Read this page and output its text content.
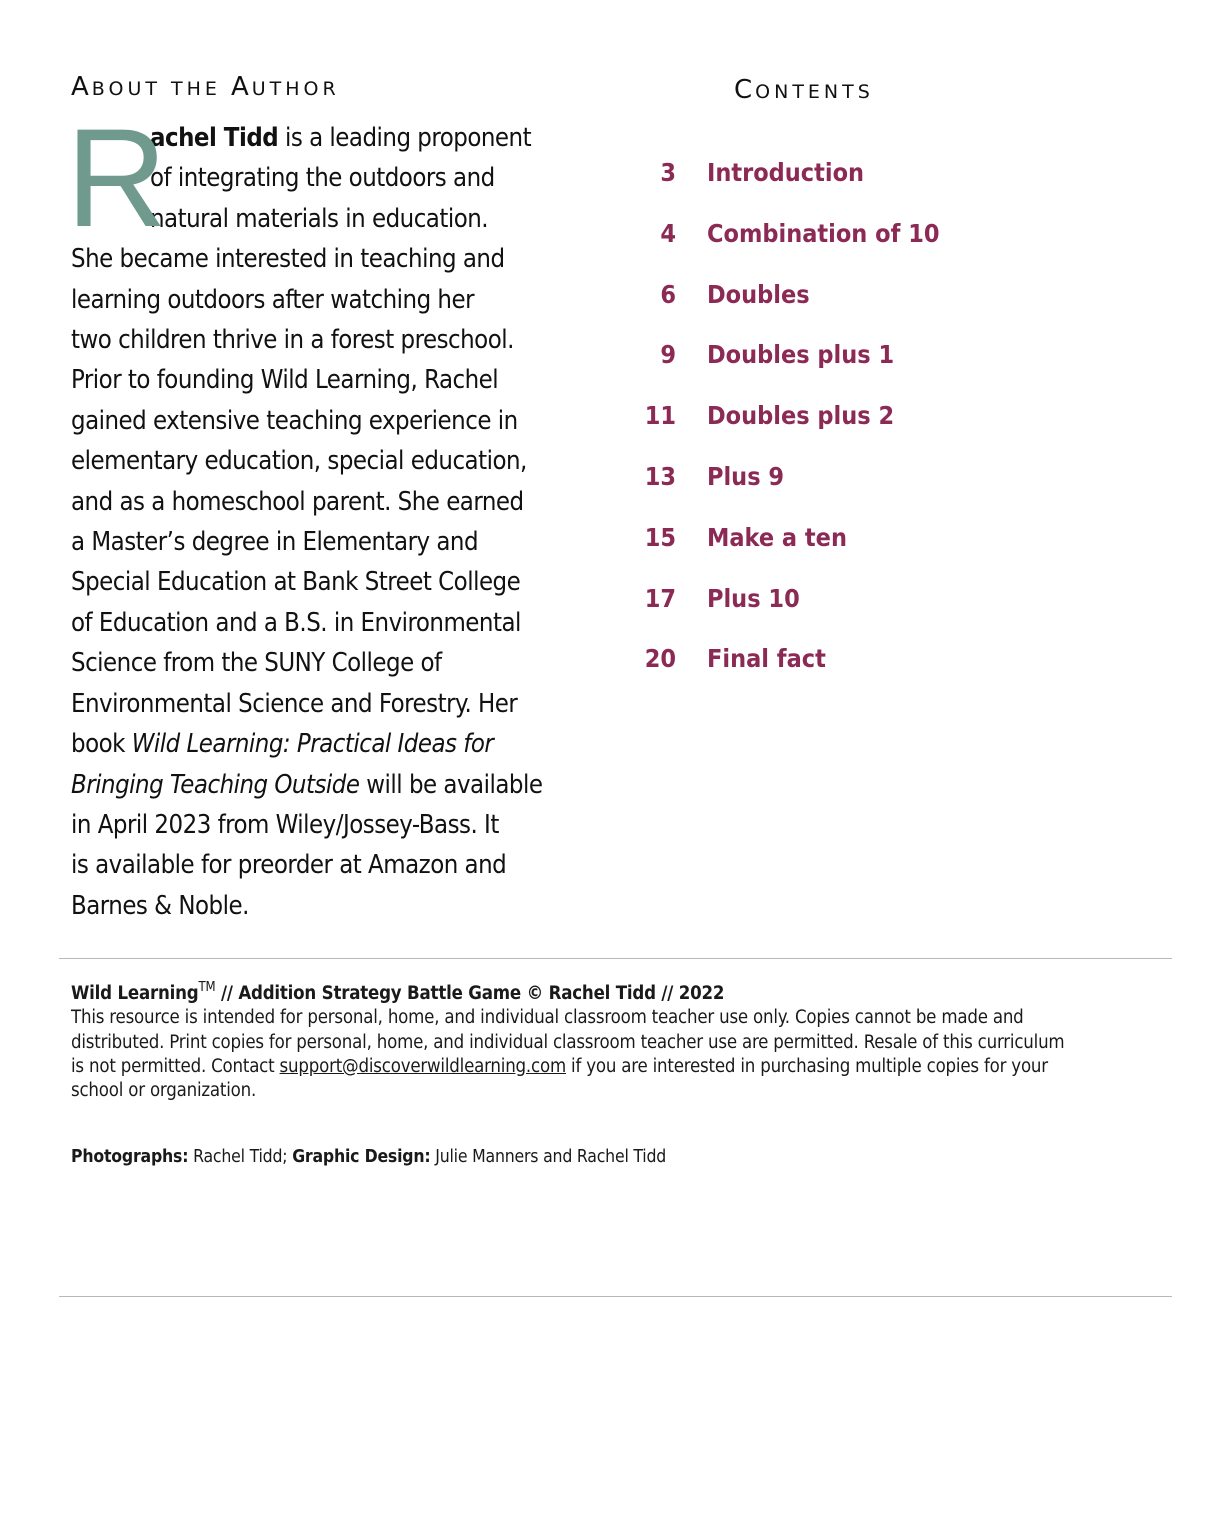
ABOUT THE AUTHOR
R
achel Tidd is a leading proponent
of integrating the outdoors and
natural materials in education.
She became interested in teaching and
learning outdoors after watching her
two children thrive in a forest preschool.
Prior to founding Wild Learning, Rachel
gained extensive teaching experience in
elementary education, special education,
and as a homeschool parent. She earned
a Master’s degree in Elementary and
Special Education at Bank Street College
of Education and a B.S. in Environmental
Science from the SUNY College of
Environmental Science and Forestry. Her
book Wild Learning: Practical Ideas for
Bringing Teaching Outside will be available
in April 2023 from Wiley/Jossey-Bass. It
is available for preorder at Amazon and
Barnes & Noble.
CONTENTS
3 Introduction
4 Combination of 10
6 Doubles
9 Doubles plus 1
11 Doubles plus 2
13 Plus 9
15 Make a ten
17 Plus 10
20 Final fact
Wild Learning™ // Addition Strategy Battle Game © Rachel Tidd // 2022
This resource is intended for personal, home, and individual classroom teacher use only. Copies cannot be made and
distributed. Print copies for personal, home, and individual classroom teacher use are permitted. Resale of this curriculum
is not permitted. Contact support@discoverwildlearning.com if you are interested in purchasing multiple copies for your
school or organization.
Photographs: Rachel Tidd; Graphic Design: Julie Manners and Rachel Tidd
